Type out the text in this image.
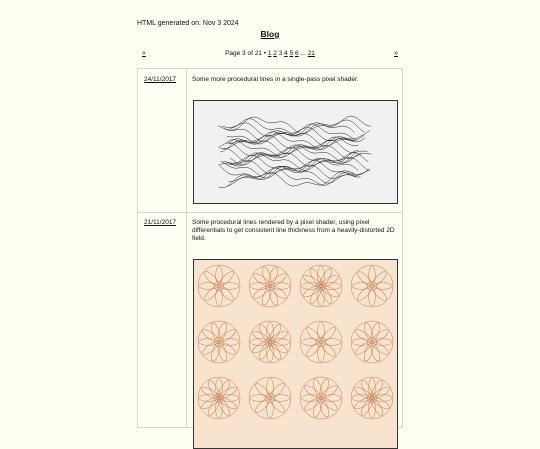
HTML generated on: Nov 3 2024
Blog
«	Page 3 of 21 • 1 2 3 4 5 6 ... 21	»
24/11/2017 Some more procedural lines in a single-pass pixel shader.
21/11/2017 Some procedural lines rendered by a pixel shader, using pixel differentials to get consistent line thickness from a heavily-distorted 2D field.
